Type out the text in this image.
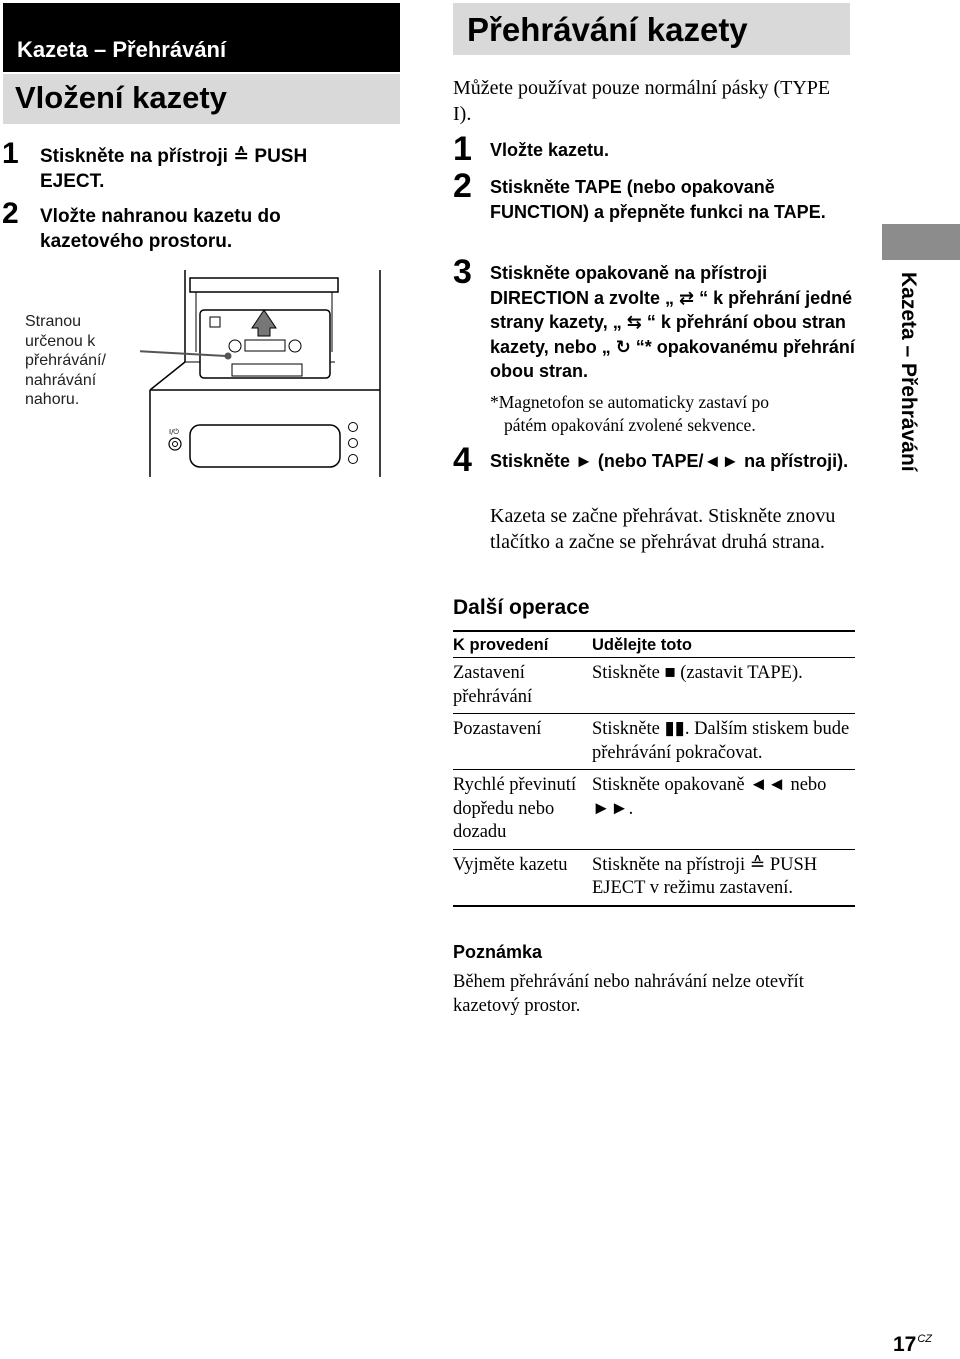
Kazeta – Přehrávání
Vložení kazety
1 Stiskněte na přístroji ≙ PUSH EJECT.
2 Vložte nahranou kazetu do kazetového prostoru.
Stranou určenou k přehrávání/ nahrávání nahoru.
I/⏻
Přehrávání kazety
Můžete používat pouze normální pásky (TYPE I).
1 Vložte kazetu.
2 Stiskněte TAPE (nebo opakovaně FUNCTION) a přepněte funkci na TAPE.
3 Stiskněte opakovaně na přístroji DIRECTION a zvolte „ ⇄ “ k přehrání jedné strany kazety, „ ⇆ “ k přehrání obou stran kazety, nebo „ ↻ “* opakovanému přehrání obou stran.
*Magnetofon se automaticky zastaví po
pátém opakování zvolené sekvence.
4 Stiskněte ► (nebo TAPE/◄► na přístroji).
Kazeta se začne přehrávat. Stiskněte znovu tlačítko a začne se přehrávat druhá strana.
Další operace
K provedení	Udělejte toto
Zastavení přehrávání	Stiskněte ■ (zastavit TAPE).
Pozastavení	Stiskněte ▮▮. Dalším stiskem bude přehrávání pokračovat.
Rychlé převinutí dopředu nebo dozadu	Stiskněte opakovaně ◄◄ nebo ►►.
Vyjměte kazetu	Stiskněte na přístroji ≙ PUSH EJECT v režimu zastavení.
Poznámka
Během přehrávání nebo nahrávání nelze otevřít kazetový prostor.
Kazeta – Přehrávání
$17^{CZ}$
